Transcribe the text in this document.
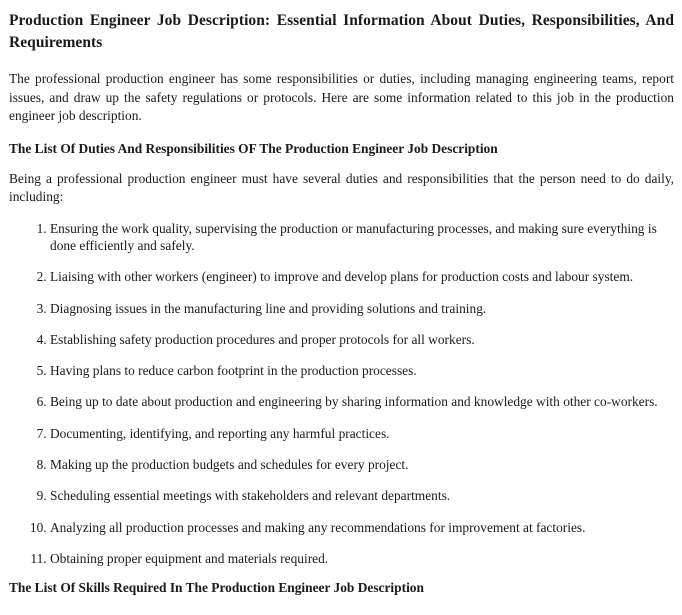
Production Engineer Job Description: Essential Information About Duties, Responsibilities, And Requirements

The professional production engineer has some responsibilities or duties, including managing engineering teams, report issues, and draw up the safety regulations or protocols. Here are some information related to this job in the production engineer job description.

The List Of Duties And Responsibilities OF The Production Engineer Job Description

Being a professional production engineer must have several duties and responsibilities that the person need to do daily, including:

1. Ensuring the work quality, supervising the production or manufacturing processes, and making sure everything is done efficiently and safely.
2. Liaising with other workers (engineer) to improve and develop plans for production costs and labour system.
3. Diagnosing issues in the manufacturing line and providing solutions and training.
4. Establishing safety production procedures and proper protocols for all workers.
5. Having plans to reduce carbon footprint in the production processes.
6. Being up to date about production and engineering by sharing information and knowledge with other co-workers.
7. Documenting, identifying, and reporting any harmful practices.
8. Making up the production budgets and schedules for every project.
9. Scheduling essential meetings with stakeholders and relevant departments.
10. Analyzing all production processes and making any recommendations for improvement at factories.
11. Obtaining proper equipment and materials required.
The List Of Skills Required In The Production Engineer Job Description
